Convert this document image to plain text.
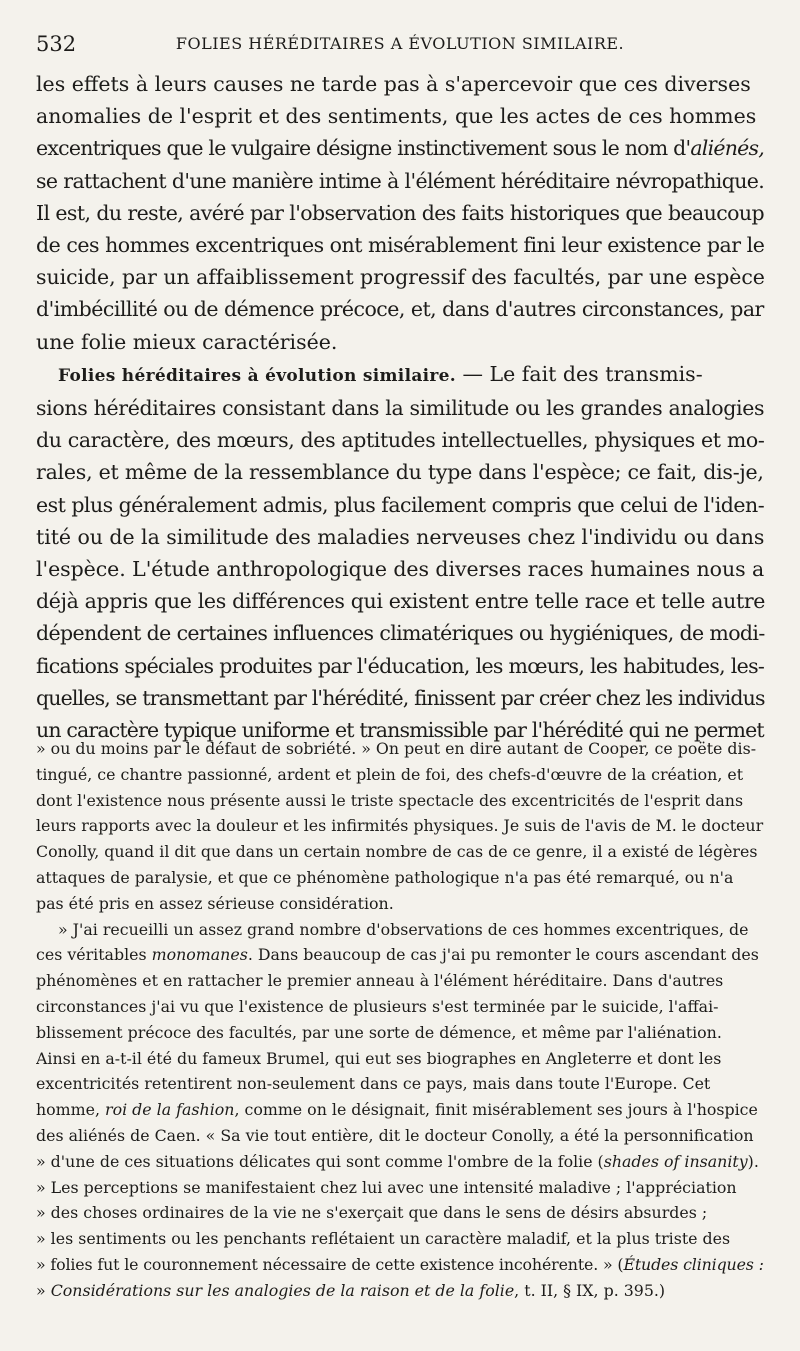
532	FOLIES HÉRÉDITAIRES A ÉVOLUTION SIMILAIRE.

les effets à leurs causes ne tarde pas à s'apercevoir que ces diverses
anomalies de l'esprit et des sentiments, que les actes de ces hommes
excentriques que le vulgaire désigne instinctivement sous le nom d'aliénés,
se rattachent d'une manière intime à l'élément héréditaire névropathique.
Il est, du reste, avéré par l'observation des faits historiques que beaucoup
de ces hommes excentriques ont misérablement fini leur existence par le
suicide, par un affaiblissement progressif des facultés, par une espèce
d'imbécillité ou de démence précoce, et, dans d'autres circonstances, par
une folie mieux caractérisée.

Folies héréditaires à évolution similaire. — Le fait des transmis-
sions héréditaires consistant dans la similitude ou les grandes analogies
du caractère, des mœurs, des aptitudes intellectuelles, physiques et mo-
rales, et même de la ressemblance du type dans l'espèce; ce fait, dis-je,
est plus généralement admis, plus facilement compris que celui de l'iden-
tité ou de la similitude des maladies nerveuses chez l'individu ou dans
l'espèce. L'étude anthropologique des diverses races humaines nous a
déjà appris que les différences qui existent entre telle race et telle autre
dépendent de certaines influences climatériques ou hygiéniques, de modi-
fications spéciales produites par l'éducation, les mœurs, les habitudes, les-
quelles, se transmettant par l'hérédité, finissent par créer chez les individus
un caractère typique uniforme et transmissible par l'hérédité qui ne permet

» ou du moins par le défaut de sobriété. » On peut en dire autant de Cooper, ce poëte dis-
tingué, ce chantre passionné, ardent et plein de foi, des chefs-d'œuvre de la création, et
dont l'existence nous présente aussi le triste spectacle des excentricités de l'esprit dans
leurs rapports avec la douleur et les infirmités physiques. Je suis de l'avis de M. le docteur
Conolly, quand il dit que dans un certain nombre de cas de ce genre, il a existé de légères
attaques de paralysie, et que ce phénomène pathologique n'a pas été remarqué, ou n'a
pas été pris en assez sérieuse considération.
» J'ai recueilli un assez grand nombre d'observations de ces hommes excentriques, de
ces véritables monomanes. Dans beaucoup de cas j'ai pu remonter le cours ascendant des
phénomènes et en rattacher le premier anneau à l'élément héréditaire. Dans d'autres
circonstances j'ai vu que l'existence de plusieurs s'est terminée par le suicide, l'affai-
blissement précoce des facultés, par une sorte de démence, et même par l'aliénation.
Ainsi en a-t-il été du fameux Brumel, qui eut ses biographes en Angleterre et dont les
excentricités retentirent non-seulement dans ce pays, mais dans toute l'Europe. Cet
homme, roi de la fashion, comme on le désignait, finit misérablement ses jours à l'hospice
des aliénés de Caen. « Sa vie tout entière, dit le docteur Conolly, a été la personnification
» d'une de ces situations délicates qui sont comme l'ombre de la folie (shades of insanity).
» Les perceptions se manifestaient chez lui avec une intensité maladive ; l'appréciation
» des choses ordinaires de la vie ne s'exerçait que dans le sens de désirs absurdes ;
» les sentiments ou les penchants reflétaient un caractère maladif, et la plus triste des
» folies fut le couronnement nécessaire de cette existence incohérente. » (Études cliniques :
» Considérations sur les analogies de la raison et de la folie, t. II, § IX, p. 395.)
